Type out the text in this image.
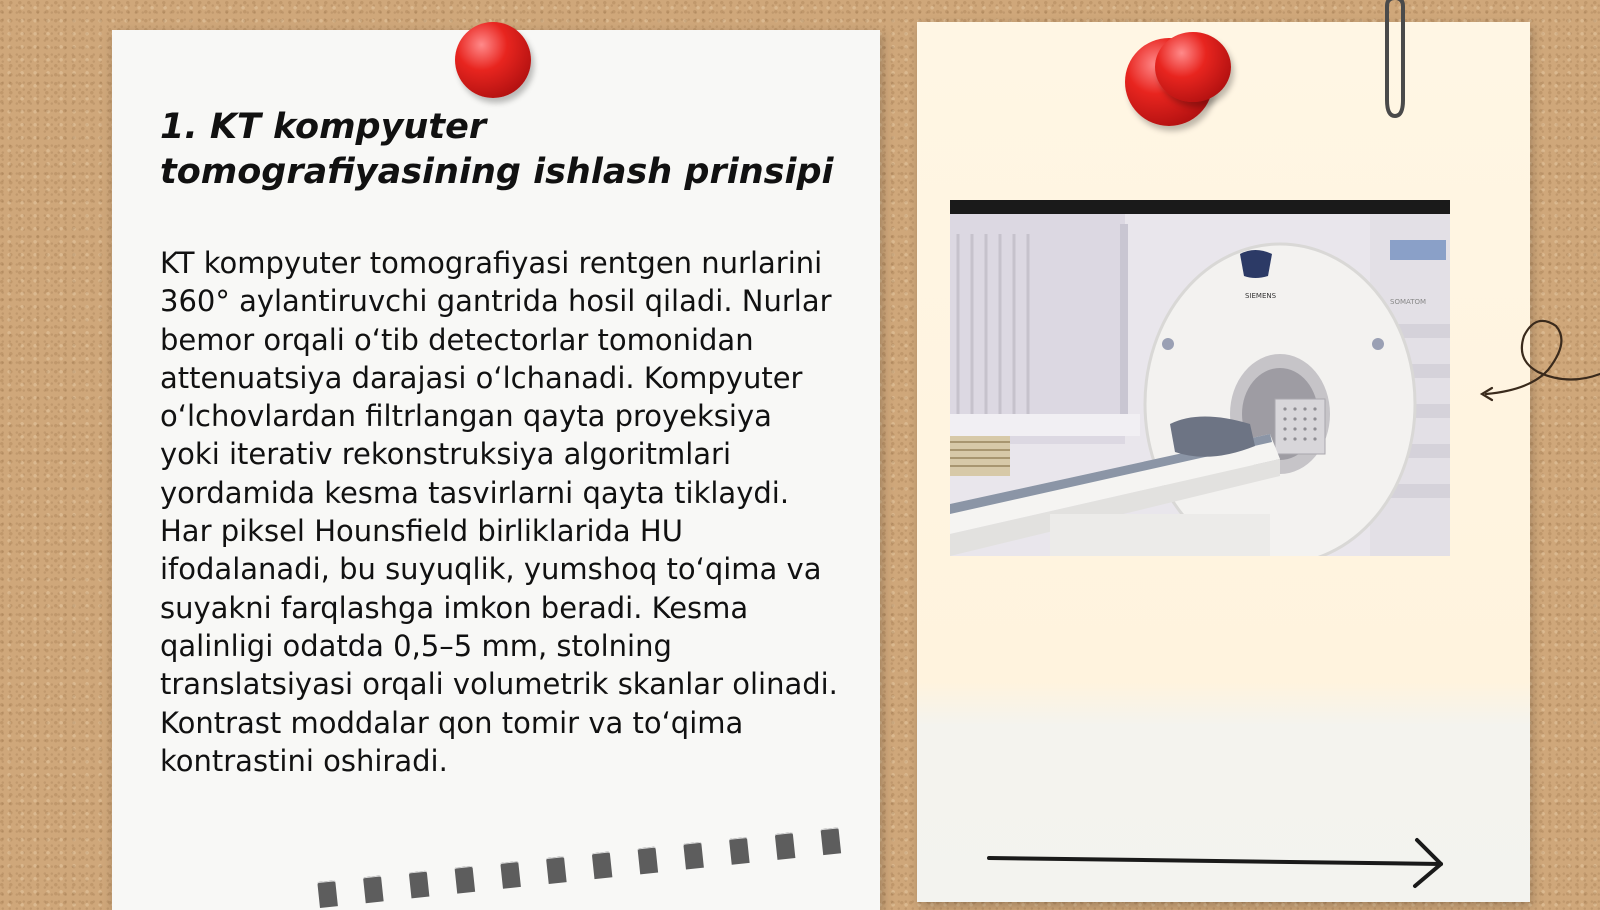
1. KT kompyuter tomografiyasining ishlash prinsipi

KT kompyuter tomografiyasi rentgen nurlarini 360° aylantiruvchi gantrida hosil qiladi. Nurlar bemor orqali o‘tib detectorlar tomonidan attenuatsiya darajasi o‘lchanadi. Kompyuter o‘lchovlardan filtrlangan qayta proyeksiya yoki iterativ rekonstruksiya algoritmlari yordamida kesma tasvirlarni qayta tiklaydi. Har piksel Hounsfield birliklarida HU ifodalanadi, bu suyuqlik, yumshoq to‘qima va suyakni farqlashga imkon beradi. Kesma qalinligi odatda 0,5–5 mm, stolning translatsiyasi orqali volumetrik skanlar olinadi. Kontrast moddalar qon tomir va to‘qima kontrastini oshiradi.

SIEMENS
SOMATOM
